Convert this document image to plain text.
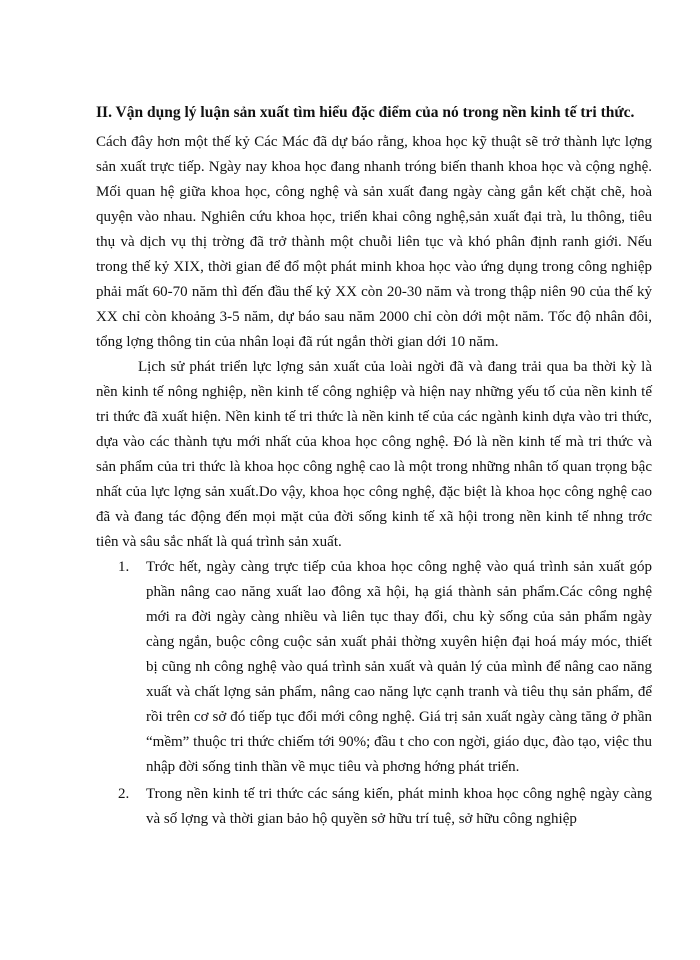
II. Vận dụng lý luận sản xuất tìm hiểu đặc điểm của nó trong nền kinh tế tri thức.

Cách đây hơn một thế kỷ Các Mác đã dự báo rằng, khoa học kỹ thuật sẽ trở thành lực lợng sản xuất trực tiếp. Ngày nay khoa học đang nhanh tróng biến thanh khoa học và cộng nghệ. Mối quan hệ giữa khoa học, công nghệ và sản xuất đang ngày càng gắn kết chặt chẽ, hoà quyện vào nhau. Nghiên cứu khoa học, triển khai công nghệ,sản xuất đại trà, lu thông, tiêu thụ và dịch vụ thị trờng đã trở thành một chuỗi liên tục và khó phân định ranh giới. Nếu trong thế kỷ XIX, thời gian để đổ một phát minh khoa học vào ứng dụng trong công nghiệp phải mất 60-70 năm thì đến đầu thế kỷ XX còn 20-30 năm và trong thập niên 90 của thế kỷ XX chỉ còn khoảng 3-5 năm, dự báo sau năm 2000 chỉ còn dới một năm. Tốc độ nhân đôi, tổng lợng thông tin của nhân loại đã rút ngắn thời gian dới 10 năm.

Lịch sử phát triển lực lợng sản xuất của loài ngời đã và đang trải qua ba thời kỳ là nền kinh tế nông nghiệp, nền kinh tế công nghiệp và hiện nay những yếu tố của nền kinh tế tri thức đã xuất hiện. Nền kinh tế tri thức là nền kinh tế của các ngành kinh dựa vào tri thức, dựa vào các thành tựu mới nhất của khoa học công nghệ. Đó là nền kinh tế mà tri thức và sản phẩm của tri thức là khoa học công nghệ cao là một trong những nhân tố quan trọng bậc nhất của lực lợng sản xuất.Do vậy, khoa học công nghệ, đặc biệt là khoa học công nghệ cao đã và đang tác động đến mọi mặt của đời sống kinh tế xã hội trong nền kinh tế nhng trớc tiên và sâu sắc nhất là quá trình sản xuất.

1. Trớc hết, ngày càng trực tiếp của khoa học công nghệ vào quá trình sản xuất góp phần nâng cao năng xuất lao đông xã hội, hạ giá thành sản phẩm.Các công nghệ mới ra đời ngày càng nhiều và liên tục thay đổi, chu kỳ sống của sản phẩm ngày càng ngắn, buộc công cuộc sản xuất phải thờng xuyên hiện đại hoá máy móc, thiết bị cũng nh công nghệ vào quá trình sản xuất và quản lý của mình để nâng cao năng xuất và chất lợng sản phẩm, nâng cao năng lực cạnh tranh và tiêu thụ sản phẩm, để rồi trên cơ sở đó tiếp tục đổi mới công nghệ. Giá trị sản xuất ngày càng tăng ở phần “mềm” thuộc tri thức chiếm tới 90%; đầu t cho con ngời, giáo dục, đào tạo, việc thu nhập đời sống tinh thần về mục tiêu và phơng hớng phát triển.

2. Trong nền kinh tế tri thức các sáng kiến, phát minh khoa học công nghệ ngày càng và số lợng và thời gian bảo hộ quyền sở hữu trí tuệ, sở hữu công nghiệp
